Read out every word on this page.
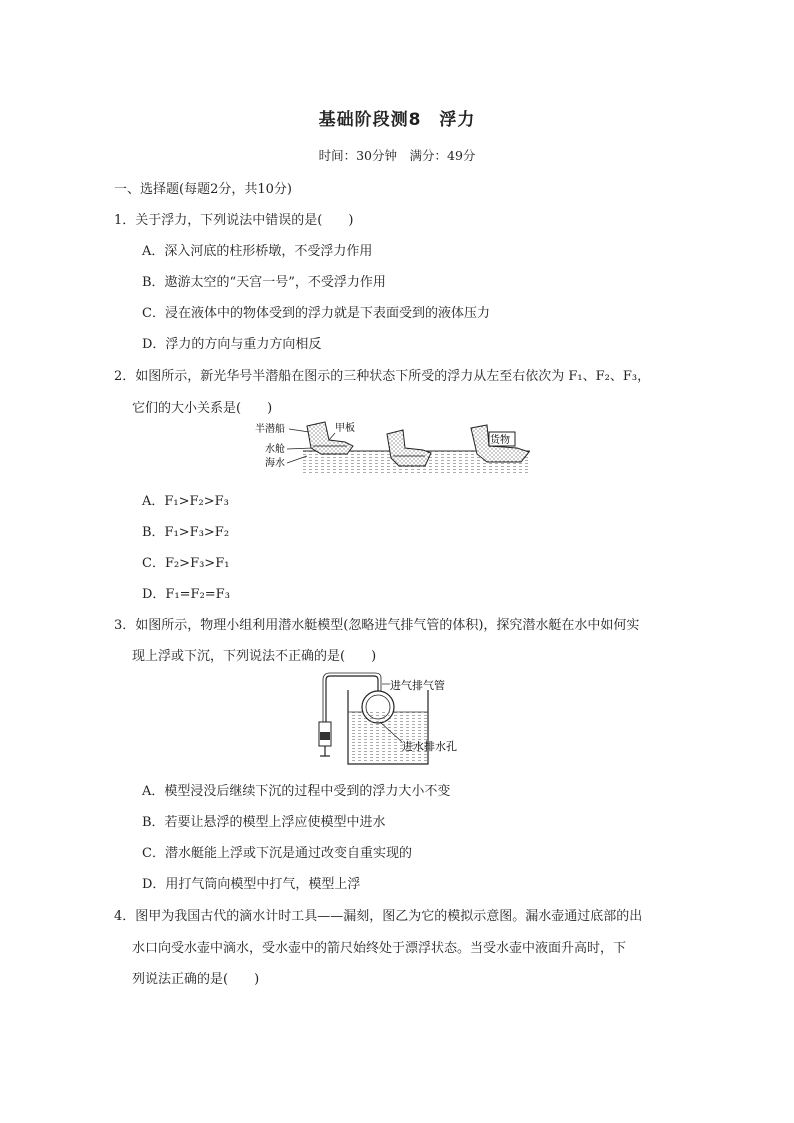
基础阶段测8　浮力
时间：30分钟　满分：49分
一、选择题(每题2分，共10分)
1．关于浮力，下列说法中错误的是(　　)
A．深入河底的柱形桥墩，不受浮力作用
B．遨游太空的“天宫一号”，不受浮力作用
C．浸在液体中的物体受到的浮力就是下表面受到的液体压力
D．浮力的方向与重力方向相反
2．如图所示，新光华号半潜船在图示的三种状态下所受的浮力从左至右依次为 F₁、F₂、F₃，
它们的大小关系是(　　)
半潜船	甲板
水舱
海水
货物
A．F₁>F₂>F₃
B．F₁>F₃>F₂
C．F₂>F₃>F₁
D．F₁=F₂=F₃
3．如图所示，物理小组利用潜水艇模型(忽略进气排气管的体积)，探究潜水艇在水中如何实
现上浮或下沉，下列说法不正确的是(　　)
进气排气管
进水排水孔
A．模型浸没后继续下沉的过程中受到的浮力大小不变
B．若要让悬浮的模型上浮应使模型中进水
C．潜水艇能上浮或下沉是通过改变自重实现的
D．用打气筒向模型中打气，模型上浮
4．图甲为我国古代的滴水计时工具——漏刻，图乙为它的模拟示意图。漏水壶通过底部的出
水口向受水壶中滴水，受水壶中的箭尺始终处于漂浮状态。当受水壶中液面升高时，下
列说法正确的是(　　)
